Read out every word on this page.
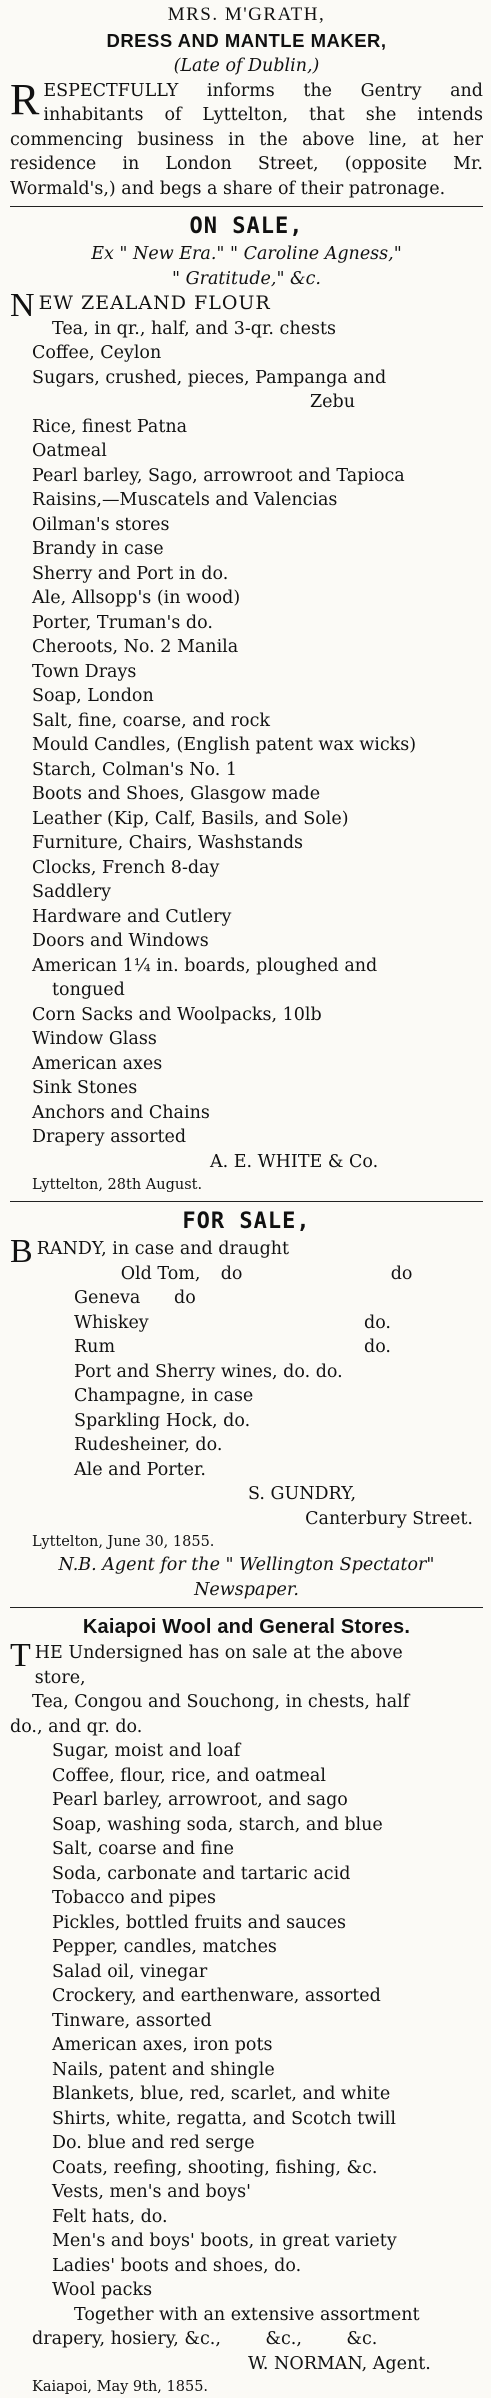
MRS. M'GRATH,
DRESS AND MANTLE MAKER,
(Late of Dublin,)
R ESPECTFULLY informs the Gentry and inhabitants of Lyttelton, that she intends commencing business in the above line, at her residence in London Street, (opposite Mr. Wormald's,) and begs a share of their patronage.
ON SALE,
Ex " New Era." " Caroline Agness,"
" Gratitude," &c.
NEW ZEALAND FLOUR
Tea, in qr., half, and 3-qr. chests
Coffee, Ceylon
Sugars, crushed, pieces, Pampanga and
Zebu
Rice, finest Patna
Oatmeal
Pearl barley, Sago, arrowroot and Tapioca
Raisins,—Muscatels and Valencias
Oilman's stores
Brandy in case
Sherry and Port in do.
Ale, Allsopp's (in wood)
Porter, Truman's do.
Cheroots, No. 2 Manila
Town Drays
Soap, London
Salt, fine, coarse, and rock
Mould Candles, (English patent wax wicks)
Starch, Colman's No. 1
Boots and Shoes, Glasgow made
Leather (Kip, Calf, Basils, and Sole)
Furniture, Chairs, Washstands
Clocks, French 8-day
Saddlery
Hardware and Cutlery
Doors and Windows
American 1¼ in. boards, ploughed and
tongued
Corn Sacks and Woolpacks, 10lb
Window Glass
American axes
Sink Stones
Anchors and Chains
Drapery assorted
A. E. WHITE & Co.
Lyttelton, 28th August.
FOR SALE,
BRANDY, in case and draught
Old Tom,	do	do
Geneva	do
Whiskey	do.
Rum	do.
Port and Sherry wines, do. do.
Champagne, in case
Sparkling Hock, do.
Rudesheiner, do.
Ale and Porter.
S. GUNDRY,
Canterbury Street.
Lyttelton, June 30, 1855.
N.B. Agent for the " Wellington Spectator"
Newspaper.
Kaiapoi Wool and General Stores.
THE Undersigned has on sale at the above
store,
Tea, Congou and Souchong, in chests, half
do., and qr. do.
Sugar, moist and loaf
Coffee, flour, rice, and oatmeal
Pearl barley, arrowroot, and sago
Soap, washing soda, starch, and blue
Salt, coarse and fine
Soda, carbonate and tartaric acid
Tobacco and pipes
Pickles, bottled fruits and sauces
Pepper, candles, matches
Salad oil, vinegar
Crockery, and earthenware, assorted
Tinware, assorted
American axes, iron pots
Nails, patent and shingle
Blankets, blue, red, scarlet, and white
Shirts, white, regatta, and Scotch twill
Do. blue and red serge
Coats, reefing, shooting, fishing, &c.
Vests, men's and boys'
Felt hats, do.
Men's and boys' boots, in great variety
Ladies' boots and shoes, do.
Wool packs
Together with an extensive assortment
drapery, hosiery, &c.,        &c.,        &c.
W. NORMAN, Agent.
Kaiapoi, May 9th, 1855.
